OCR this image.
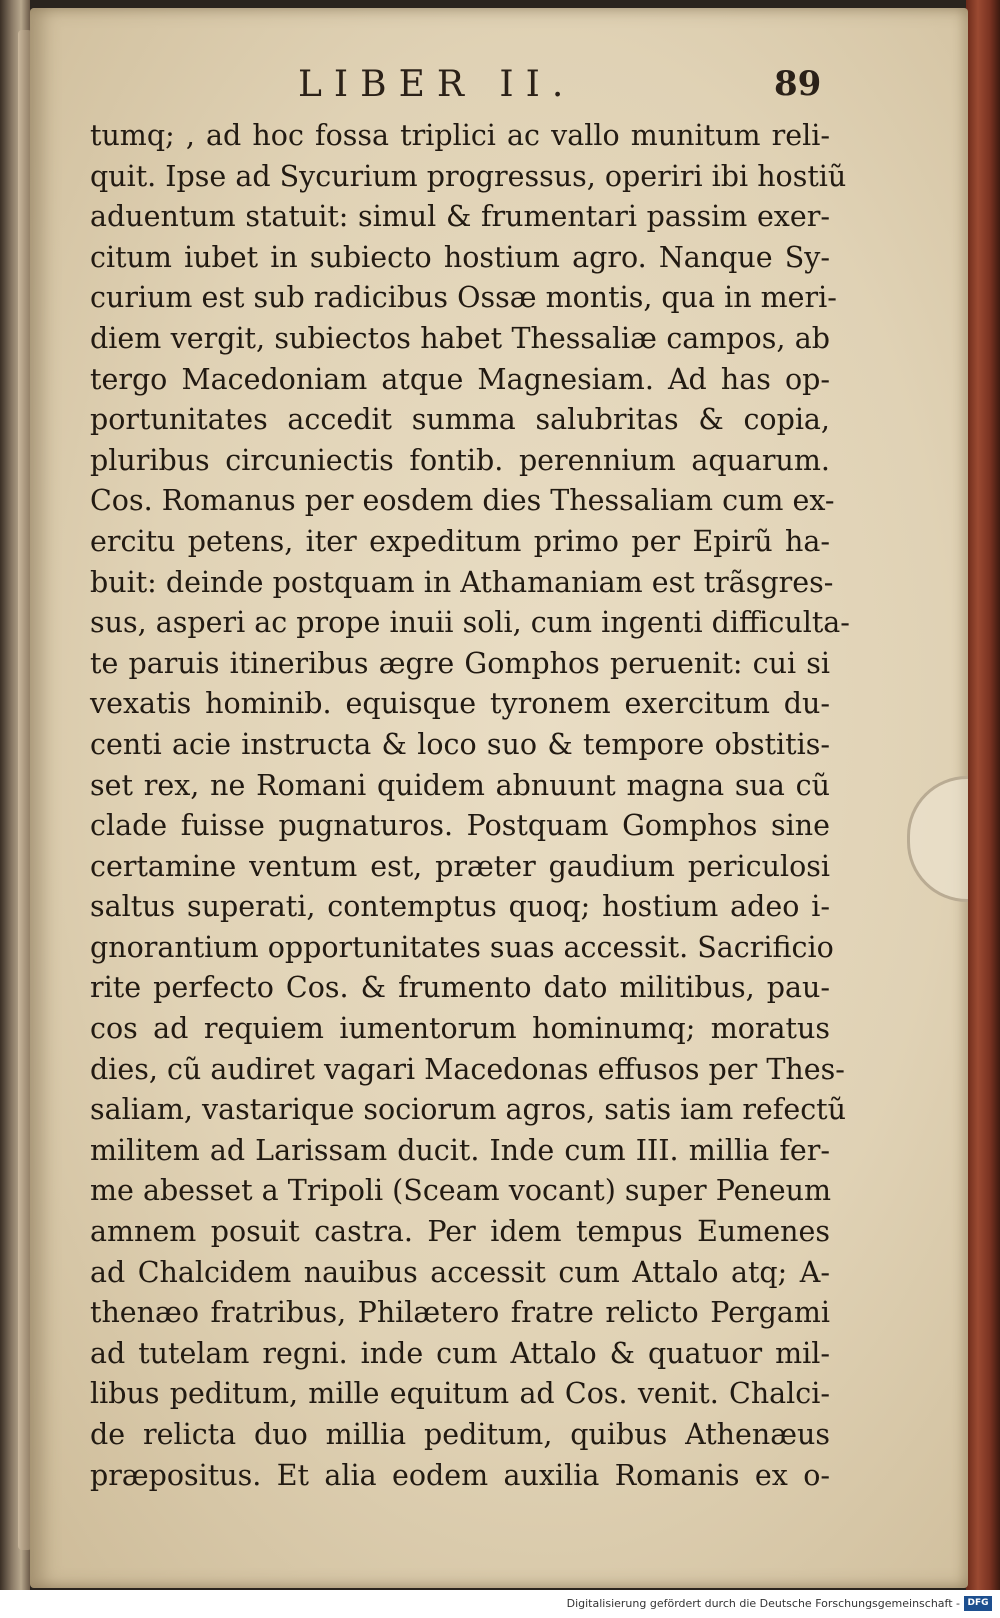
LIBER II.	89
tumq; , ad hoc fossa triplici ac vallo munitum reli-
quit. Ipse ad Sycurium progressus, operiri ibi hostiũ
aduentum statuit: simul & frumentari passim exer-
citum iubet in subiecto hostium agro. Nanque Sy-
curium est sub radicibus Ossæ montis, qua in meri-
diem vergit, subiectos habet Thessaliæ campos, ab
tergo Macedoniam atque Magnesiam. Ad has op-
portunitates accedit summa salubritas & copia,
pluribus circuniectis fontib. perennium aquarum.
Cos. Romanus per eosdem dies Thessaliam cum ex-
ercitu petens, iter expeditum primo per Epirũ ha-
buit: deinde postquam in Athamaniam est trãsgres-
sus, asperi ac prope inuii soli, cum ingenti difficulta-
te paruis itineribus ægre Gomphos peruenit: cui si
vexatis hominib. equisque tyronem exercitum du-
centi acie instructa & loco suo & tempore obstitis-
set rex, ne Romani quidem abnuunt magna sua cũ
clade fuisse pugnaturos. Postquam Gomphos sine
certamine ventum est, præter gaudium periculosi
saltus superati, contemptus quoq; hostium adeo i-
gnorantium opportunitates suas accessit. Sacrificio
rite perfecto Cos. & frumento dato militibus, pau-
cos ad requiem iumentorum hominumq; moratus
dies, cũ audiret vagari Macedonas effusos per Thes-
saliam, vastarique sociorum agros, satis iam refectũ
militem ad Larissam ducit. Inde cum III. millia fer-
me abesset a Tripoli (Sceam vocant) super Peneum
amnem posuit castra. Per idem tempus Eumenes
ad Chalcidem nauibus accessit cum Attalo atq; A-
thenæo fratribus, Philætero fratre relicto Pergami
ad tutelam regni. inde cum Attalo & quatuor mil-
libus peditum, mille equitum ad Cos. venit. Chalci-
de relicta duo millia peditum, quibus Athenæus
præpositus. Et alia eodem auxilia Romanis ex o-
Digitalisierung gefördert durch die Deutsche Forschungsgemeinschaft - DFG
